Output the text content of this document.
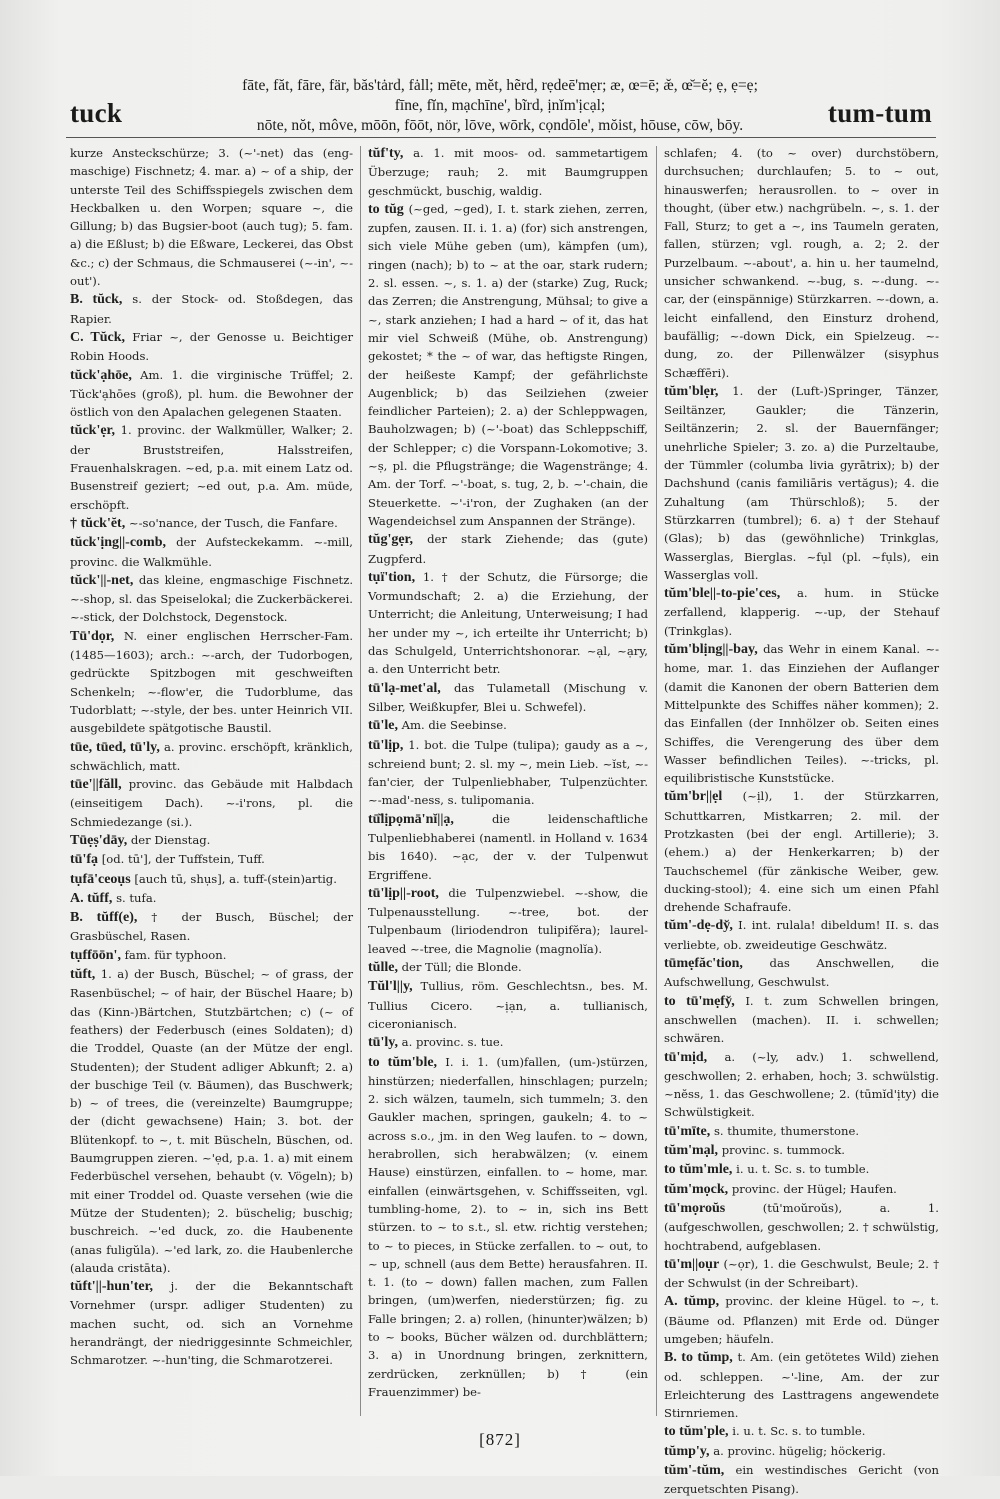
tuck	tum-tum
fāte, făt, fāre, fär, băs'tȧrd, fȧll; mēte, mĕt, hẽrd, rẹdeē'mẹr; æ, œ=ē; æ̆, œ̆=ĕ; ẹ, ẹ=ẹ;
fīne, fĭn, mạchīne', bĩrd, ịnĭm'ịcạl;
nōte, nŏt, môve, mōōn, fōōt, nör, lōve, wōrk, cọndōle', mŏist, hōuse, cōw, bōy.

kurze Ansteckschürze; 3. (~'-net) das (eng-maschige) Fischnetz; 4. mar. a) ~ of a ship, der unterste Teil des Schiffsspiegels zwischen dem Heckbalken u. den Worpen; square ~, die Gillung; b) das Bugsier-boot (auch tug); 5. fam. a) die Eßlust; b) die Eßware, Leckerei, das Obst &c.; c) der Schmaus, die Schmauserei (~-in', ~-out').

B. tŭck, s. der Stock- od. Stoßdegen, das Rapier.

C. Tŭck, Friar ~, der Genosse u. Beichtiger Robin Hoods.

tŭck'ạhōe, Am. 1. die virginische Trüffel; 2. Tŭck'ạhōes (groß), pl. hum. die Bewohner der östlich von den Apalachen gelegenen Staaten.

tŭck'ẹr, 1. provinc. der Walkmüller, Walker; 2. der Bruststreifen, Halsstreifen, Frauenhalskragen. ~ed, p.a. mit einem Latz od. Busenstreif geziert; ~ed out, p.a. Am. müde, erschöpft.

† tŭck'ĕt, ~-so'nance, der Tusch, die Fanfare.

tŭck'ịng||-comb, der Aufsteckekamm. ~-mill, provinc. die Walkmühle.

tŭck'||-net, das kleine, engmaschige Fischnetz. ~-shop, sl. das Speiselokal; die Zuckerbäckerei. ~-stick, der Dolchstock, Degenstock.

Tū'dọr, N. einer englischen Herrscher-Fam. (1485—1603); arch.: ~-arch, der Tudorbogen, gedrückte Spitzbogen mit geschweiften Schenkeln; ~-flow'er, die Tudorblume, das Tudorblatt; ~-style, der bes. unter Heinrich VII. ausgebildete spätgotische Baustil.

tūe, tūed, tū'ly, a. provinc. erschöpft, kränklich, schwächlich, matt.

tūe'||făll, provinc. das Gebäude mit Halbdach (einseitigem Dach). ~-i'rons, pl. die Schmiedezange (si.).

Tūẹṣ'dāy, der Dienstag.

tū'fạ [od. tū'], der Tuffstein, Tuff.

tụfā'ceoụs [auch tū, shụs], a. tuff-(stein)artig.

A. tŭff, s. tufa.

B. tŭff(e), † der Busch, Büschel; der Grasbüschel, Rasen.

tụffōōn', fam. für typhoon.

tŭft, 1. a) der Busch, Büschel; ~ of grass, der Rasenbüschel; ~ of hair, der Büschel Haare; b) das (Kinn-)Bärtchen, Stutzbärtchen; c) (~ of feathers) der Federbusch (eines Soldaten); d) die Troddel, Quaste (an der Mütze der engl. Studenten); der Student adliger Abkunft; 2. a) der buschige Teil (v. Bäumen), das Buschwerk; b) ~ of trees, die (vereinzelte) Baumgruppe; der (dicht gewachsene) Hain; 3. bot. der Blütenkopf. to ~, t. mit Büscheln, Büschen, od. Baumgruppen zieren. ~'ẹd, p.a. 1. a) mit einem Federbüschel versehen, behaubt (v. Vögeln); b) mit einer Troddel od. Quaste versehen (wie die Mütze der Studenten); 2. büschelig; buschig; buschreich. ~'ed duck, zo. die Haubenente (anas fuligŭla). ~'ed lark, zo. die Haubenlerche (alauda cristāta).

tŭft'||-hun'ter, j. der die Bekanntschaft Vornehmer (urspr. adliger Studenten) zu machen sucht, od. sich an Vornehme herandrängt, der niedriggesinnte Schmeichler, Schmarotzer. ~-hun'ting, die Schmarotzerei.

tŭf'ty, a. 1. mit moos- od. sammetartigem Überzuge; rauh; 2. mit Baumgruppen geschmückt, buschig, waldig.

to tŭg (~ged, ~ged), I. t. stark ziehen, zerren, zupfen, zausen. II. i. 1. a) (for) sich anstrengen, sich viele Mühe geben (um), kämpfen (um), ringen (nach); b) to ~ at the oar, stark rudern; 2. sl. essen. ~, s. 1. a) der (starke) Zug, Ruck; das Zerren; die Anstrengung, Mühsal; to give a ~, stark anziehen; I had a hard ~ of it, das hat mir viel Schweiß (Mühe, ob. Anstrengung) gekostet; * the ~ of war, das heftigste Ringen, der heißeste Kampf; der gefährlichste Augenblick; b) das Seilziehen (zweier feindlicher Parteien); 2. a) der Schleppwagen, Bauholzwagen; b) (~'-boat) das Schleppschiff, der Schlepper; c) die Vorspann-Lokomotive; 3. ~ṣ, pl. die Pflugstränge; die Wagenstränge; 4. Am. der Torf. ~'-boat, s. tug, 2, b. ~'-chain, die Steuerkette. ~'-i'ron, der Zughaken (an der Wagendeichsel zum Anspannen der Stränge).

tŭg'gẹr, der stark Ziehende; das (gute) Zugpferd.

tụï'tion, 1. † der Schutz, die Fürsorge; die Vormundschaft; 2. a) die Erziehung, der Unterricht; die Anleitung, Unterweisung; I had her under my ~, ich erteilte ihr Unterricht; b) das Schulgeld, Unterrichtshonorar. ~ạl, ~ạry, a. den Unterricht betr.

tū'lạ-met'al, das Tulametall (Mischung v. Silber, Weißkupfer, Blei u. Schwefel).

tū'le, Am. die Seebinse.

tū'lịp, 1. bot. die Tulpe (tulipa); gaudy as a ~, schreiend bunt; 2. sl. my ~, mein Lieb. ~ĭst, ~-fan'cier, der Tulpenliebhaber, Tulpenzüchter. ~-mad'-ness, s. tulipomania.

tū̆lịpọmā'nĭ||ạ,	die leidenschaftliche Tulpenliebhaberei (namentl. in Holland v. 1634 bis 1640). ~ạc, der v. der Tulpenwut Ergriffene.

tū'lịp||-root, die Tulpenzwiebel. ~-show, die Tulpenausstellung. ~-tree, bot. der Tulpenbaum (liriodendron tulipifĕra); laurel-leaved ~-tree, die Magnolie (magnolĭa).

tŭlle, der Tüll; die Blonde.

Tŭl'l||y, Tullius, röm. Geschlechtsn., bes. M. Tullius Cicero. ~ịạn, a. tullianisch, ciceronianisch.

tū'ly, a. provinc. s. tue.

to tŭm'ble, I. i. 1. (um)fallen, (um-)stürzen, hinstürzen; niederfallen, hinschlagen; purzeln; 2. sich wälzen, taumeln, sich tummeln; 3. den Gaukler machen, springen, gaukeln; 4. to ~ across s.o., jm. in den Weg laufen. to ~ down, herabrollen, sich herabwälzen; (v. einem Hause) einstürzen, einfallen. to ~ home, mar. einfallen (einwärtsgehen, v. Schiffsseiten, vgl. tumbling-home, 2). to ~ in, sich ins Bett stürzen. to ~ to s.t., sl. etw. richtig verstehen; to ~ to pieces, in Stücke zerfallen. to ~ out, to ~ up, schnell (aus dem Bette) herausfahren. II. t. 1. (to ~ down) fallen machen, zum Fallen bringen, (um)werfen, niederstürzen; fig. zu Falle bringen; 2. a) rollen, (hinunter)wälzen; b) to ~ books, Bücher wälzen od. durchblättern; 3. a) in Unordnung bringen, zerknittern, zerdrücken, zerknüllen; b) † (ein Frauenzimmer) be-

schlafen; 4. (to ~ over) durchstöbern, durchsuchen; durchlaufen; 5. to ~ out, hinauswerfen; herausrollen. to ~ over in thought, (über etw.) nachgrübeln. ~, s. 1. der Fall, Sturz; to get a ~, ins Taumeln geraten, fallen, stürzen; vgl. rough, a. 2; 2. der Purzelbaum. ~-about', a. hin u. her taumelnd, unsicher schwankend. ~-bug, s. ~-dung. ~-car, der (einspännige) Stürzkarren. ~-down, a. leicht einfallend, den Einsturz drohend, baufällig; ~-down Dick, ein Spielzeug. ~-dung, zo. der Pillenwälzer (sisyphus Schæffēri).

tŭm'blẹr, 1. der (Luft-)Springer, Tänzer, Seiltänzer, Gaukler; die Tänzerin, Seiltänzerin; 2. sl. der Bauernfänger; unehrliche Spieler; 3. zo. a) die Purzeltaube, der Tümmler (columba livia gyrātrix); b) der Dachshund (canis familiāris vertăgus); 4. die Zuhaltung (am Thürschloß); 5. der Stürzkarren (tumbrel); 6. a) † der Stehauf (Glas); b) das (gewöhnliche) Trinkglas, Wasserglas, Bierglas. ~fụl (pl. ~fụls), ein Wasserglas voll.

tŭm'ble||-to-pie'ces, a. hum. in Stücke zerfallend, klapperig. ~-up, der Stehauf (Trinkglas).

tŭm'blịng||-bay, das Wehr in einem Kanal. ~-home, mar. 1. das Einziehen der Auflanger (damit die Kanonen der obern Batterien dem Mittelpunkte des Schiffes näher kommen); 2. das Einfallen (der Innhölzer ob. Seiten eines Schiffes, die Verengerung des über dem Wasser befindlichen Teiles). ~-tricks, pl. equilibristische Kunststücke.

tŭm'br||ẹl (~ịl), 1. der Stürzkarren, Schuttkarren, Mistkarren; 2. mil. der Protzkasten (bei der engl. Artillerie); 3. (ehem.) a) der Henkerkarren; b) der Tauchschemel (für zänkische Weiber, gew. ducking-stool); 4. eine sich um einen Pfahl drehende Schafraufe.

tŭm'-dẹ-dy̆, I. int. rulala! dibeldum! II. s. das verliebte, ob. zweideutige Geschwätz.

tūmẹfăc'tion, das Anschwellen, die Aufschwellung, Geschwulst.

to tū'mẹfy̆, I. t. zum Schwellen bringen, anschwellen (machen). II. i. schwellen; schwären.

tū'mịd, a. (~ly, adv.) 1. schwellend, geschwollen; 2. erhaben, hoch; 3. schwülstig. ~nĕss, 1. das Geschwollene; 2. (tūmĭd'ịty) die Schwülstigkeit.

tū'mīte, s. thumite, thumerstone.

tŭm'mạl, provinc. s. tummock.

to tŭm'mle, i. u. t. Sc. s. to tumble.

tŭm'mọck, provinc. der Hügel; Haufen.

tū'mọroŭs	(tū'moŭroŭs), a. 1. (aufgeschwollen, geschwollen; 2. † schwülstig, hochtrabend, aufgeblasen.

tū'm||oụr (~ọr), 1. die Geschwulst, Beule; 2. † der Schwulst (in der Schreibart).

A. tŭmp, provinc. der kleine Hügel. to ~, t. (Bäume od. Pflanzen) mit Erde od. Dünger umgeben; häufeln.

B. to tŭmp, t. Am. (ein getötetes Wild) ziehen od. schleppen. ~'-line, Am. der zur Erleichterung des Lasttragens angewendete Stirnriemen.

to tŭm'ple, i. u. t. Sc. s. to tumble.

tŭmp'y, a. provinc. hügelig; höckerig.

tŭm'-tŭm, ein westindisches Gericht (von zerquetschten Pisang).

[872]
